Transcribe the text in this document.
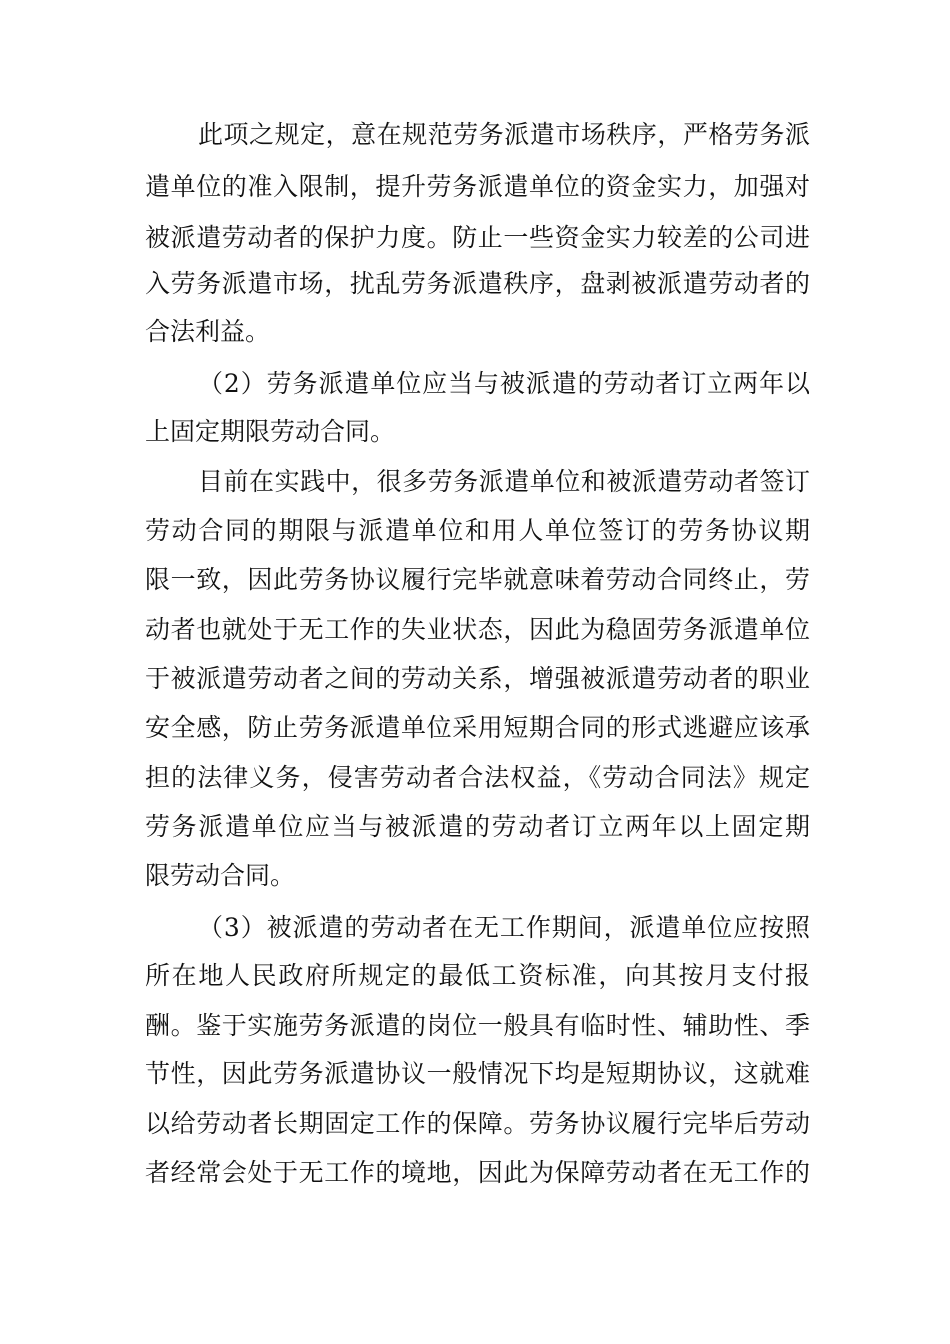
此项之规定，意在规范劳务派遣市场秩序，严格劳务派
遣单位的准入限制，提升劳务派遣单位的资金实力，加强对
被派遣劳动者的保护力度。防止一些资金实力较差的公司进
入劳务派遣市场，扰乱劳务派遣秩序，盘剥被派遣劳动者的
合法利益。
（2）劳务派遣单位应当与被派遣的劳动者订立两年以
上固定期限劳动合同。
目前在实践中，很多劳务派遣单位和被派遣劳动者签订
劳动合同的期限与派遣单位和用人单位签订的劳务协议期
限一致，因此劳务协议履行完毕就意味着劳动合同终止，劳
动者也就处于无工作的失业状态，因此为稳固劳务派遣单位
于被派遣劳动者之间的劳动关系，增强被派遣劳动者的职业
安全感，防止劳务派遣单位采用短期合同的形式逃避应该承
担的法律义务，侵害劳动者合法权益，《劳动合同法》规定
劳务派遣单位应当与被派遣的劳动者订立两年以上固定期
限劳动合同。
（3）被派遣的劳动者在无工作期间，派遣单位应按照
所在地人民政府所规定的最低工资标准，向其按月支付报
酬。鉴于实施劳务派遣的岗位一般具有临时性、辅助性、季
节性，因此劳务派遣协议一般情况下均是短期协议，这就难
以给劳动者长期固定工作的保障。劳务协议履行完毕后劳动
者经常会处于无工作的境地，因此为保障劳动者在无工作的
